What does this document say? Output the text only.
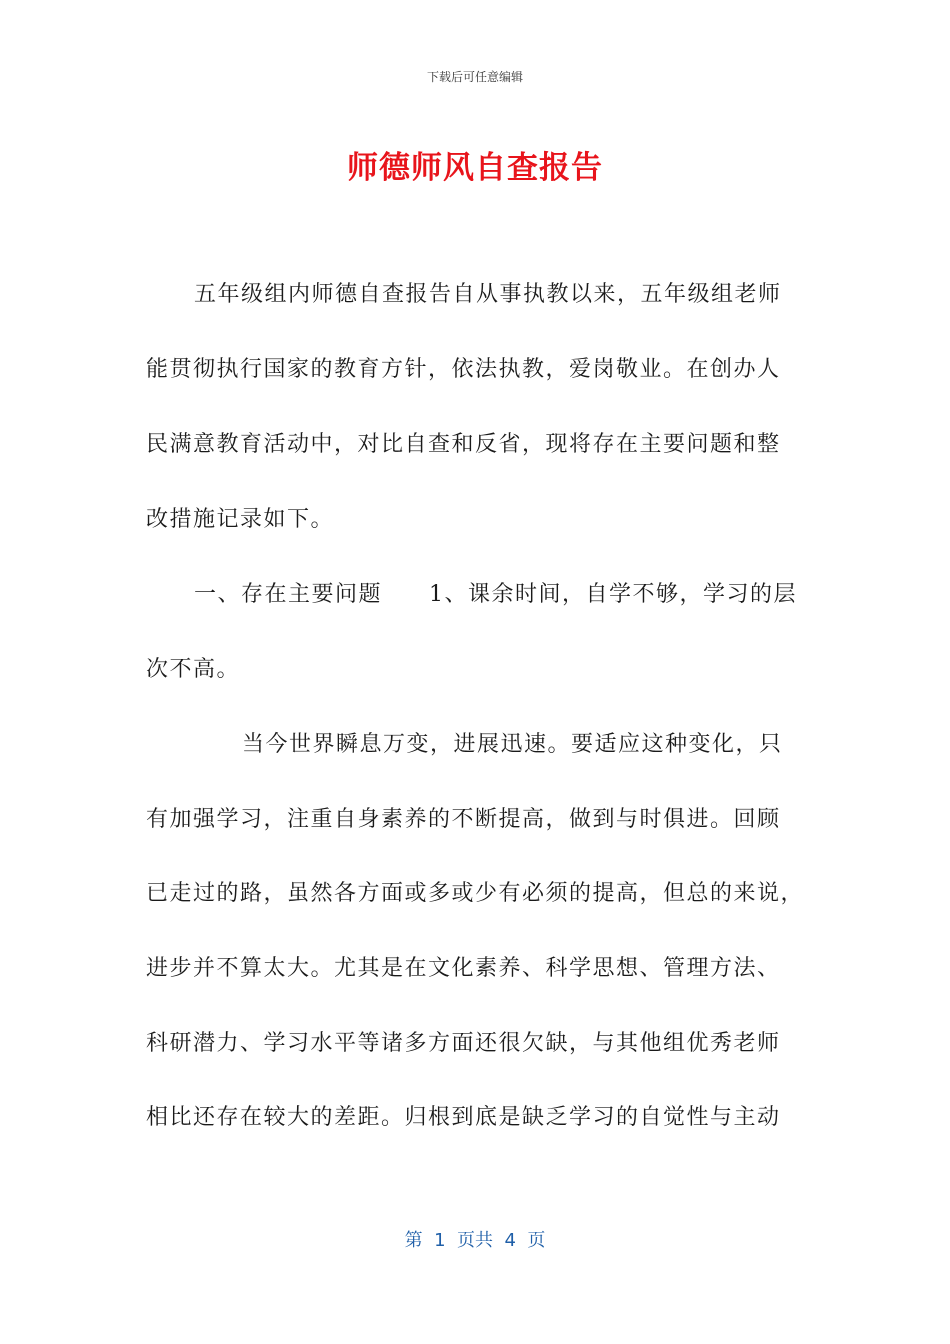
下载后可任意编辑
师德师风自查报告
五年级组内师德自查报告自从事执教以来，五年级组老师
能贯彻执行国家的教育方针，依法执教，爱岗敬业。在创办人
民满意教育活动中，对比自查和反省，现将存在主要问题和整
改措施记录如下。
一、存在主要问题　　1、课余时间，自学不够，学习的层
次不高。
当今世界瞬息万变，进展迅速。要适应这种变化，只
有加强学习，注重自身素养的不断提高，做到与时俱进。回顾
已走过的路，虽然各方面或多或少有必须的提高，但总的来说，
进步并不算太大。尤其是在文化素养、科学思想、管理方法、
科研潜力、学习水平等诸多方面还很欠缺，与其他组优秀老师
相比还存在较大的差距。归根到底是缺乏学习的自觉性与主动
第  1  页共  4  页
